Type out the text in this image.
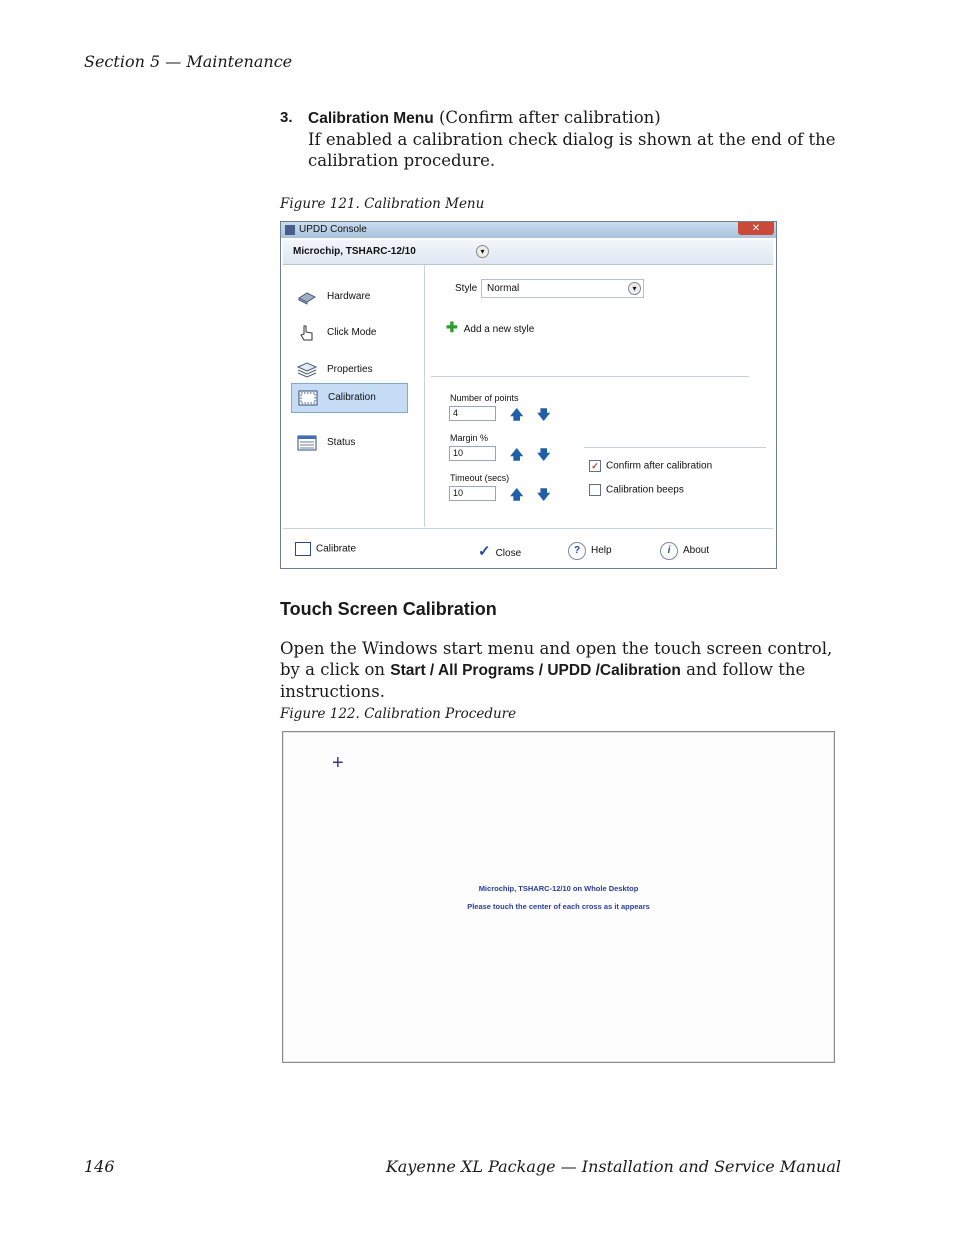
Section 5 — Maintenance
3. Calibration Menu (Confirm after calibration)
If enabled a calibration check dialog is shown at the end of the calibration procedure.
Figure 121. Calibration Menu
UPDD Console	✕
Microchip, TSHARC-12/10	▾
Hardware
Click Mode
Properties
Calibration
Status
Style Normal	▾
✚ Add a new style
Number of points
4	🡅 🡇
Margin %
10	🡅 🡇
Timeout (secs)
10	🡅 🡇
✓ Confirm after calibration
Calibration beeps
Calibrate	✓ Close	? Help	i About
Touch Screen Calibration
Open the Windows start menu and open the touch screen control, by a click on Start / All Programs / UPDD /Calibration and follow the instructions.
Figure 122. Calibration Procedure
+
Microchip, TSHARC-12/10 on Whole Desktop
Please touch the center of each cross as it appears
146	Kayenne XL Package — Installation and Service Manual
